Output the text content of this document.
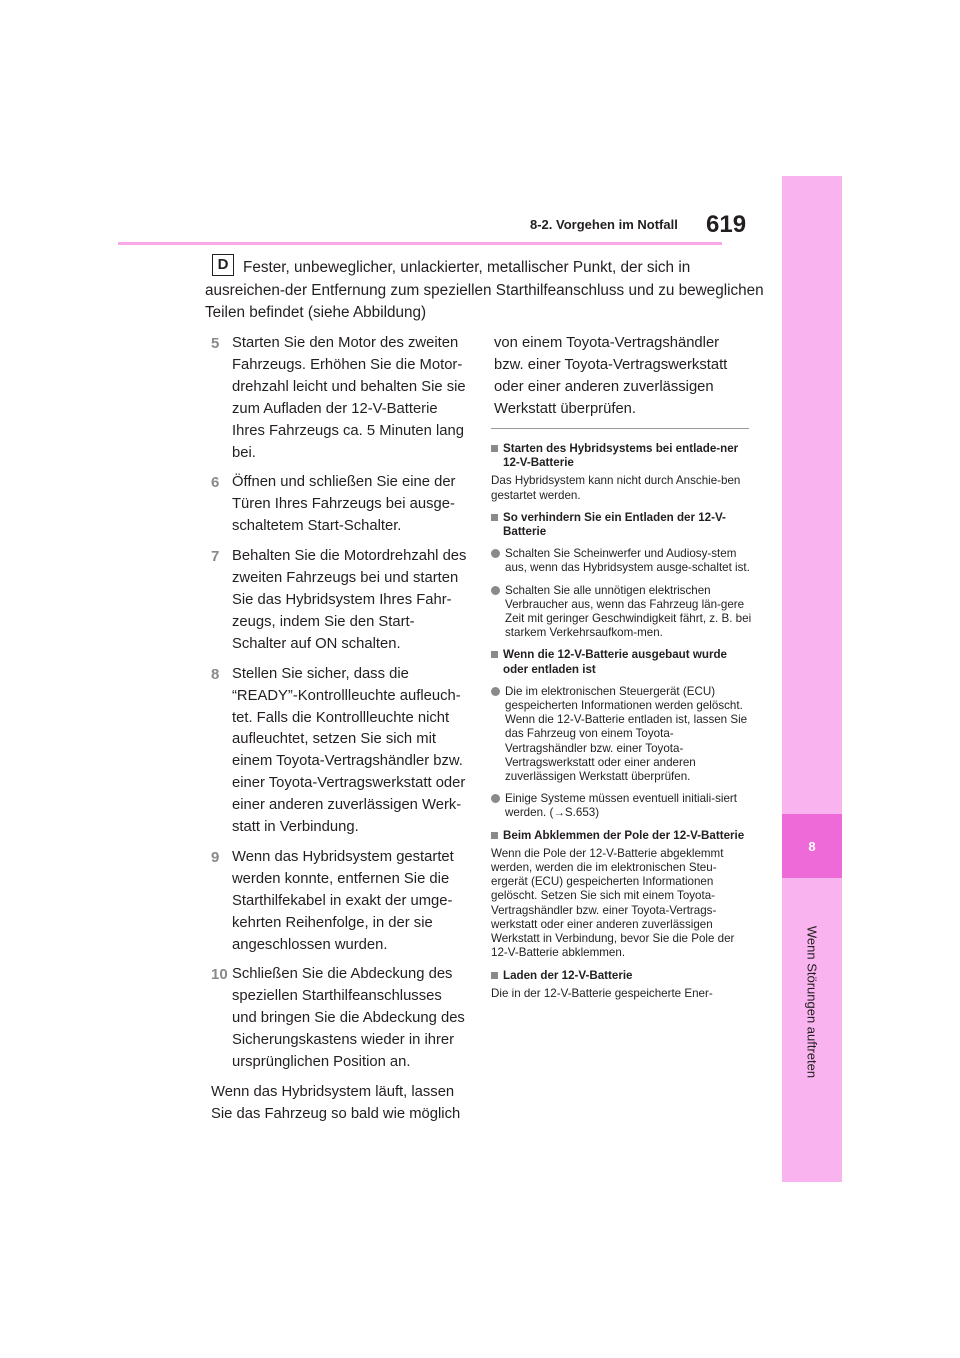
8-2. Vorgehen im Notfall 619
8
Wenn Störungen auftreten
D Fester, unbeweglicher, unlackierter, metallischer Punkt, der sich in ausreichen-der Entfernung zum speziellen Starthilfeanschluss und zu beweglichen Teilen befindet (siehe Abbildung)
5 Starten Sie den Motor des zweiten Fahrzeugs. Erhöhen Sie die Motor-drehzahl leicht und behalten Sie sie zum Aufladen der 12-V-Batterie Ihres Fahrzeugs ca. 5 Minuten lang bei.
6 Öffnen und schließen Sie eine der Türen Ihres Fahrzeugs bei ausge-schaltetem Start-Schalter.
7 Behalten Sie die Motordrehzahl des zweiten Fahrzeugs bei und starten Sie das Hybridsystem Ihres Fahr-zeugs, indem Sie den Start-Schalter auf ON schalten.
8 Stellen Sie sicher, dass die “READY”-Kontrollleuchte aufleuch-tet. Falls die Kontrollleuchte nicht aufleuchtet, setzen Sie sich mit einem Toyota-Vertragshändler bzw. einer Toyota-Vertragswerkstatt oder einer anderen zuverlässigen Werk-statt in Verbindung.
9 Wenn das Hybridsystem gestartet werden konnte, entfernen Sie die Starthilfekabel in exakt der umge-kehrten Reihenfolge, in der sie angeschlossen wurden.
10 Schließen Sie die Abdeckung des speziellen Starthilfeanschlusses und bringen Sie die Abdeckung des Sicherungskastens wieder in ihrer ursprünglichen Position an.
Wenn das Hybridsystem läuft, lassen Sie das Fahrzeug so bald wie möglich
von einem Toyota-Vertragshändler bzw. einer Toyota-Vertragswerkstatt oder einer anderen zuverlässigen Werkstatt überprüfen.
Starten des Hybridsystems bei entlade-ner 12-V-Batterie
Das Hybridsystem kann nicht durch Anschie-ben gestartet werden.
So verhindern Sie ein Entladen der 12-V-Batterie
Schalten Sie Scheinwerfer und Audiosy-stem aus, wenn das Hybridsystem ausge-schaltet ist.
Schalten Sie alle unnötigen elektrischen Verbraucher aus, wenn das Fahrzeug län-gere Zeit mit geringer Geschwindigkeit fährt, z. B. bei starkem Verkehrsaufkom-men.
Wenn die 12-V-Batterie ausgebaut wurde oder entladen ist
Die im elektronischen Steuergerät (ECU) gespeicherten Informationen werden gelöscht. Wenn die 12-V-Batterie entladen ist, lassen Sie das Fahrzeug von einem Toyota-Vertragshändler bzw. einer Toyota-Vertragswerkstatt oder einer anderen zuverlässigen Werkstatt überprüfen.
Einige Systeme müssen eventuell initiali-siert werden. (→S.653)
Beim Abklemmen der Pole der 12-V-Batterie
Wenn die Pole der 12-V-Batterie abgeklemmt werden, werden die im elektronischen Steu-ergerät (ECU) gespeicherten Informationen gelöscht. Setzen Sie sich mit einem Toyota-Vertragshändler bzw. einer Toyota-Vertrags-werkstatt oder einer anderen zuverlässigen Werkstatt in Verbindung, bevor Sie die Pole der 12-V-Batterie abklemmen.
Laden der 12-V-Batterie
Die in der 12-V-Batterie gespeicherte Ener-
